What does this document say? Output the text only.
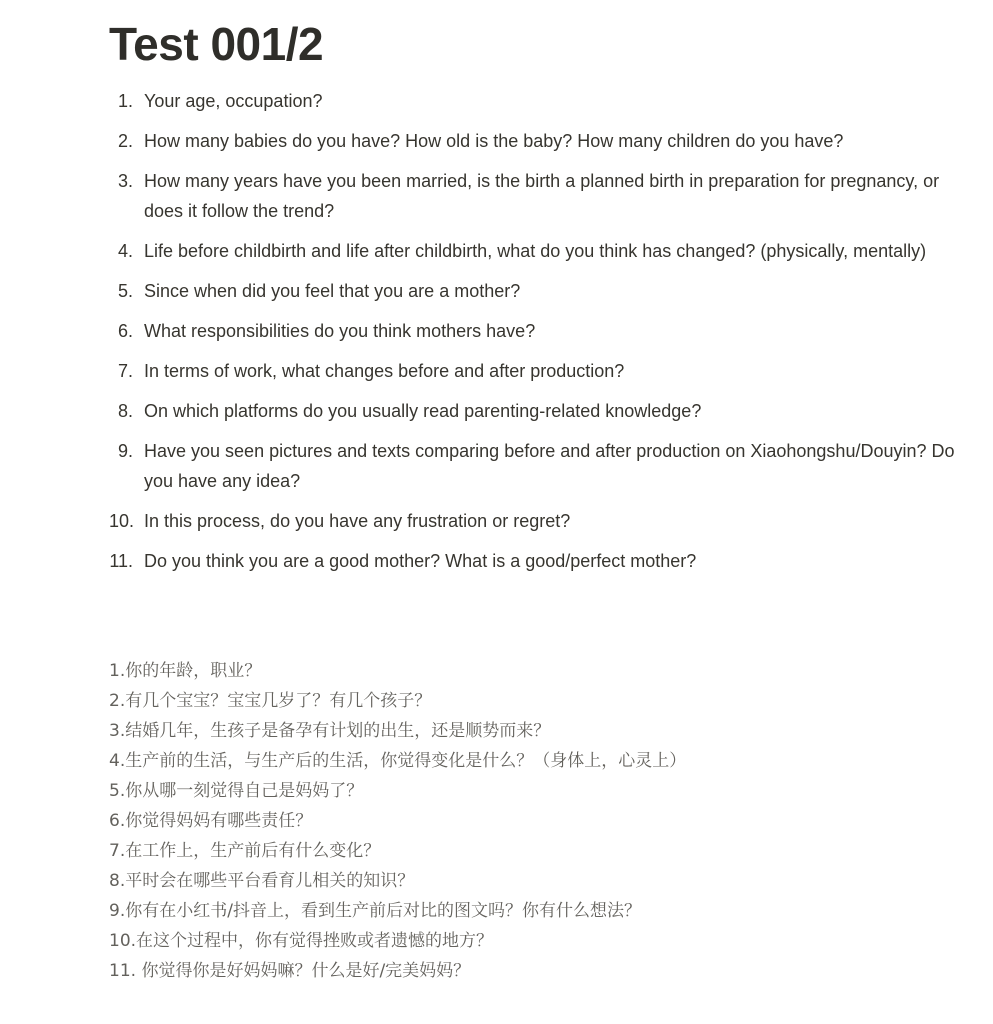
Test 001/2
1. Your age, occupation?
2. How many babies do you have? How old is the baby? How many children do you have?
3. How many years have you been married, is the birth a planned birth in preparation for pregnancy, or does it follow the trend?
4. Life before childbirth and life after childbirth, what do you think has changed? (physically, mentally)
5. Since when did you feel that you are a mother?
6. What responsibilities do you think mothers have?
7. In terms of work, what changes before and after production?
8. On which platforms do you usually read parenting-related knowledge?
9. Have you seen pictures and texts comparing before and after production on Xiaohongshu/Douyin? Do you have any idea?
10. In this process, do you have any frustration or regret?
11. Do you think you are a good mother? What is a good/perfect mother?
1.你的年龄，职业？
2.有几个宝宝？宝宝几岁了？有几个孩子？
3.结婚几年，生孩子是备孕有计划的出生，还是顺势而来？
4.生产前的生活，与生产后的生活，你觉得变化是什么？（身体上，心灵上）
5.你从哪一刻觉得自己是妈妈了？
6.你觉得妈妈有哪些责任？
7.在工作上，生产前后有什么变化？
8.平时会在哪些平台看育儿相关的知识？
9.你有在小红书/抖音上，看到生产前后对比的图文吗？你有什么想法？
10.在这个过程中，你有觉得挫败或者遗憾的地方？
11. 你觉得你是好妈妈嘛？什么是好/完美妈妈？
